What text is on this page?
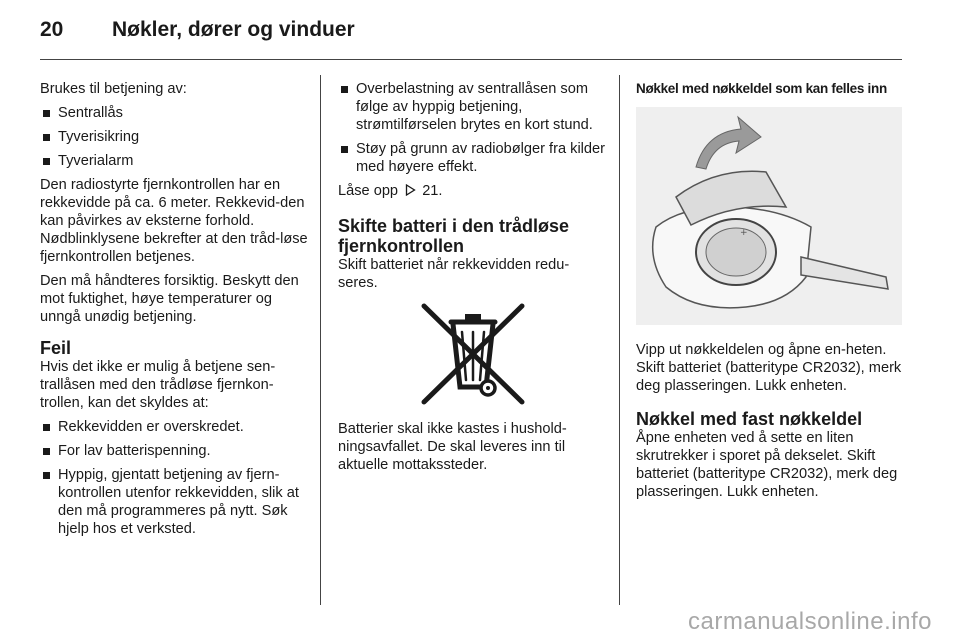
20	Nøkler, dører og vinduer

Brukes til betjening av:

Sentrallås
Tyverisikring
Tyverialarm

Den radiostyrte fjernkontrollen har en rekkevidde på ca. 6 meter. Rekkevid-den kan påvirkes av eksterne forhold. Nødblinklysene bekrefter at den tråd-løse fjernkontrollen betjenes.

Den må håndteres forsiktig. Beskytt den mot fuktighet, høye temperaturer og unngå unødig betjening.

Feil

Hvis det ikke er mulig å betjene sen-trallåsen med den trådløse fjernkon-trollen, kan det skyldes at:

Rekkevidden er overskredet.
For lav batterispenning.
Hyppig, gjentatt betjening av fjern-kontrollen utenfor rekkevidden, slik at den må programmeres på nytt. Søk hjelp hos et verksted.
Overbelastning av sentrallåsen som følge av hyppig betjening, strømtilførselen brytes en kort stund.
Støy på grunn av radiobølger fra kilder med høyere effekt.

Låse opp 21.

Skifte batteri i den trådløse fjernkontrollen

Skift batteriet når rekkevidden redu-seres.

Batterier skal ikke kastes i hushold-ningsavfallet. De skal leveres inn til aktuelle mottakssteder.

Nøkkel med nøkkeldel som kan felles inn
+

Vipp ut nøkkeldelen og åpne en-heten. Skift batteriet (batteritype CR2032), merk deg plasseringen. Lukk enheten.

Nøkkel med fast nøkkeldel

Åpne enheten ved å sette en liten skrutrekker i sporet på dekselet. Skift batteriet (batteritype CR2032), merk deg plasseringen. Lukk enheten.

carmanualsonline.info
